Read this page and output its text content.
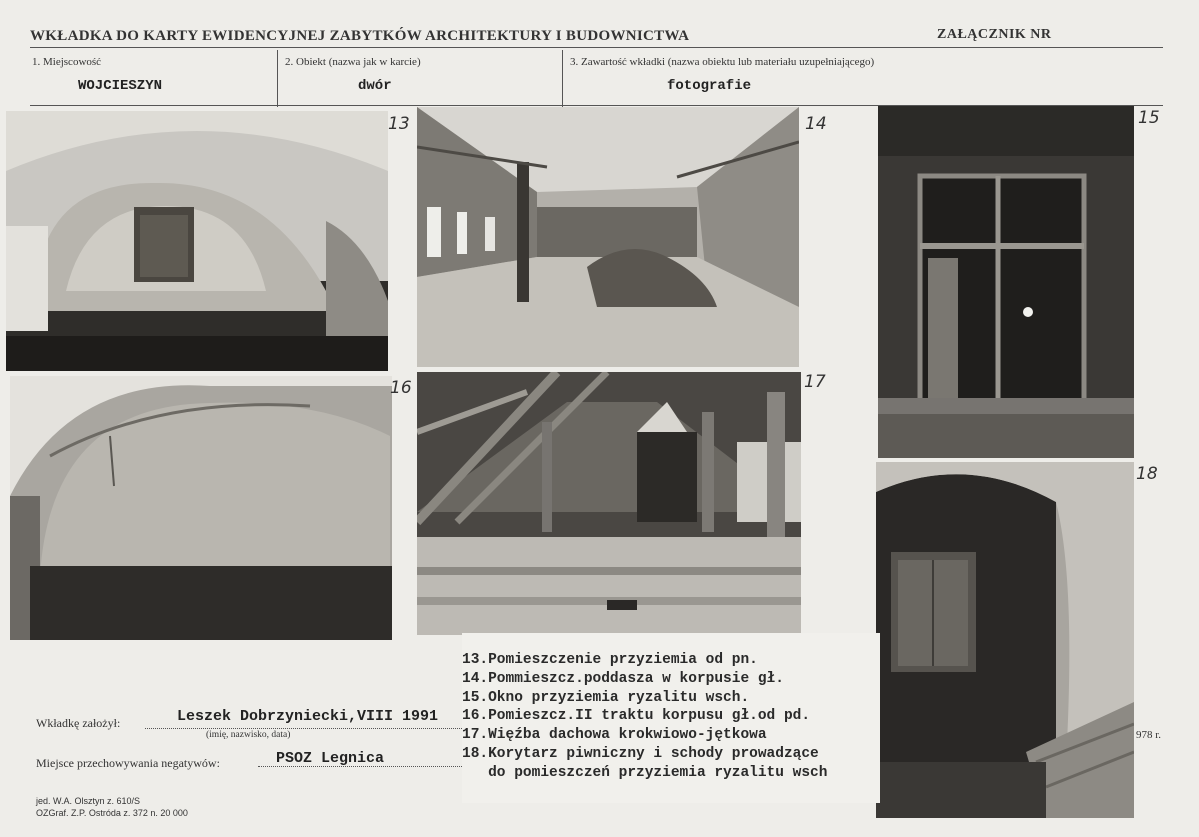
WKŁADKA DO KARTY EWIDENCYJNEJ ZABYTKÓW ARCHITEKTURY I BUDOWNICTWA	ZAŁĄCZNIK NR
1. Miejscowość
WOJCIESZYN
2. Obiekt (nazwa jak w karcie)
dwór
3. Zawartość wkładki (nazwa obiektu lub materiału uzupełniającego)
fotografie
13	14	15
16	17
18
13.Pomieszczenie przyziemia od pn.
14.Pommieszcz.poddasza w korpusie gł.
15.Okno przyziemia ryzalitu wsch.
16.Pomieszcz.II traktu korpusu gł.od pd.
17.Więźba dachowa krokwiowo-jętkowa
18.Korytarz piwniczny i schody prowadzące
do pomieszczeń przyziemia ryzalitu wsch
Wkładkę założył:	Leszek Dobrzyniecki,VIII 1991
(imię, nazwisko, data)	978 r.
Miejsce przechowywania negatywów:	PSOZ Legnica
jed. W.A. Olsztyn z. 610/S
OZGraf. Z.P. Ostróda z. 372 n. 20 000
